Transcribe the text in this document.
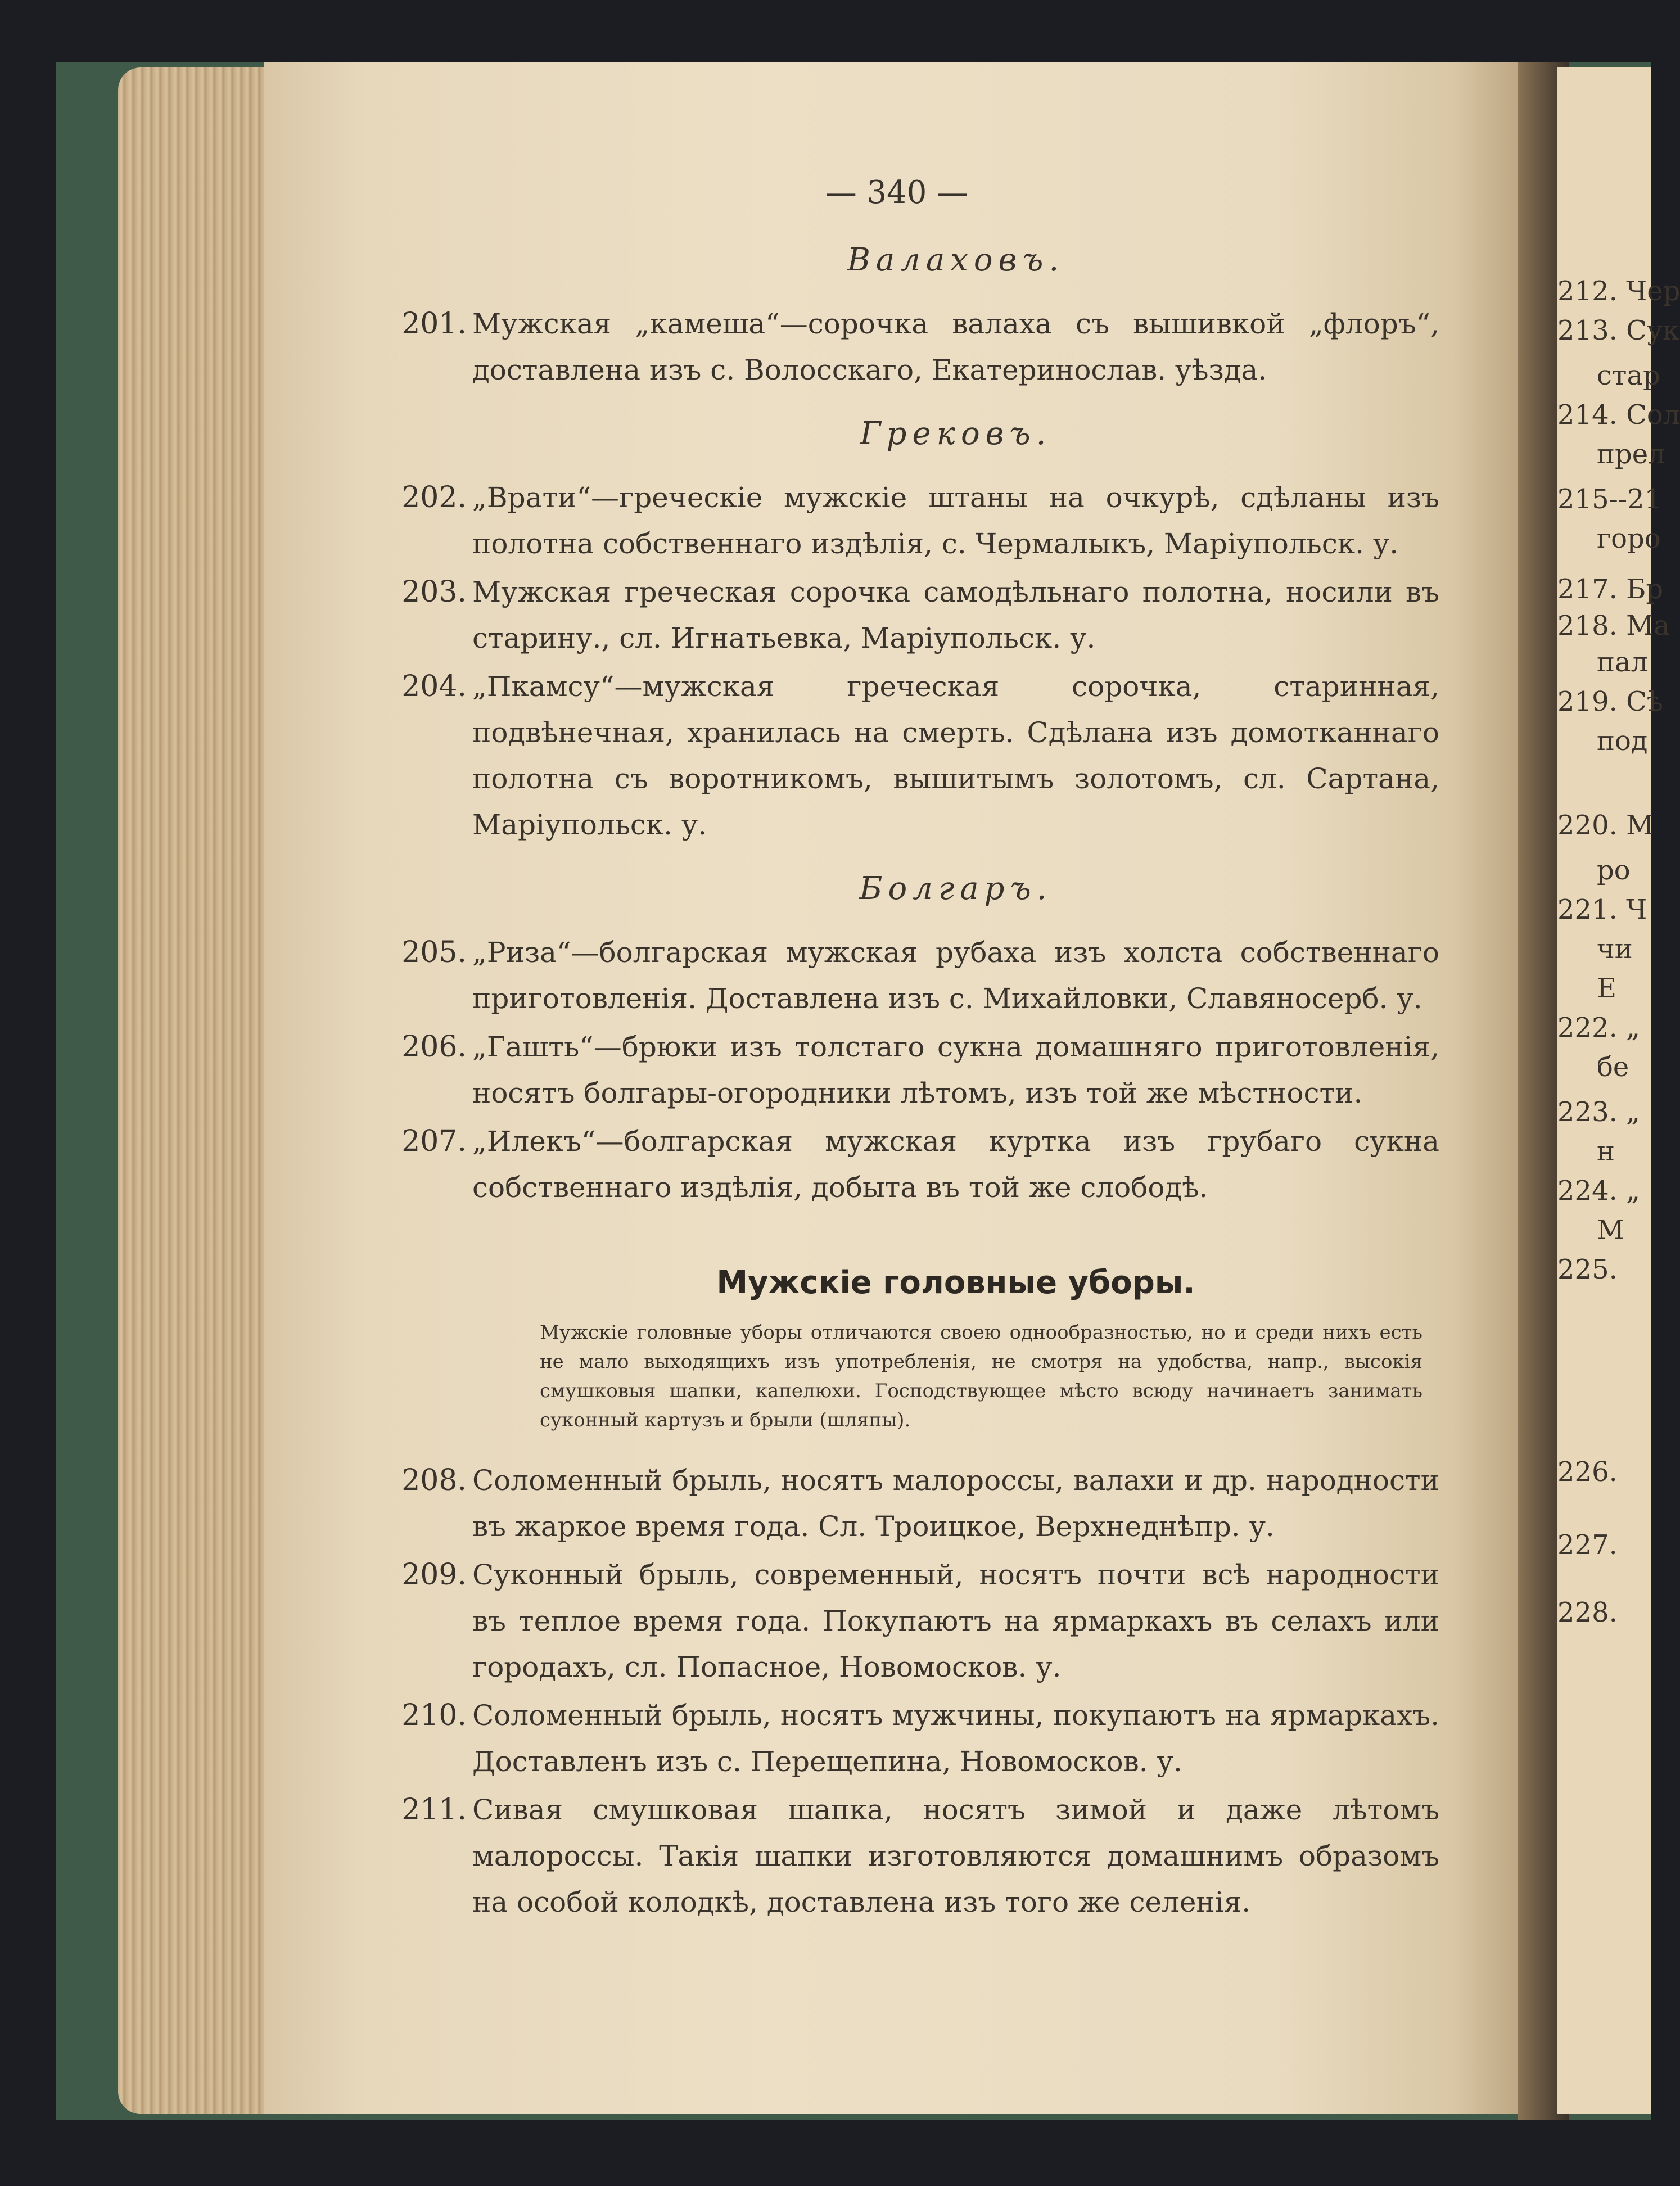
— 340 —
Валаховъ.
201. Мужская „камеша“—сорочка валаха съ вышивкой „флоръ“, доставлена изъ с. Волосскаго, Екатеринослав. уѣзда.
Грековъ.
202. „Врати“—греческіе мужскіе штаны на очкурѣ, сдѣланы изъ полотна собственнаго издѣлія, с. Чермалыкъ, Маріупольск. у.
203. Мужская греческая сорочка самодѣльнаго полотна, носили въ старину., сл. Игнатьевка, Маріупольск. у.
204. „Пкамсу“—мужская греческая сорочка, старинная, подвѣнечная, хранилась на смерть. Сдѣлана изъ домотканнаго полотна съ воротникомъ, вышитымъ золотомъ, сл. Сартана, Маріупольск. у.
Болгаръ.
205. „Риза“—болгарская мужская рубаха изъ холста собственнаго приготовленія. Доставлена изъ с. Михайловки, Славяносерб. у.
206. „Гашть“—брюки изъ толстаго сукна домашняго приготовленія, носятъ болгары-огородники лѣтомъ, изъ той же мѣстности.
207. „Илекъ“—болгарская мужская куртка изъ грубаго сукна собственнаго издѣлія, добыта въ той же слободѣ.
Мужскіе головные уборы.
Мужскіе головные уборы отличаются своею однообразностью, но и среди нихъ есть не мало выходящихъ изъ употребленія, не смотря на удобства, напр., высокія смушковыя шапки, капелюхи. Господствующее мѣсто всюду начинаетъ занимать суконный картузъ и брыли (шляпы).
208. Соломенный брыль, носятъ малороссы, валахи и др. народности въ жаркое время года. Сл. Троицкое, Верхнеднѣпр. у.
209. Суконный брыль, современный, носятъ почти всѣ народности въ теплое время года. Покупаютъ на ярмаркахъ въ селахъ или городахъ, сл. Попасное, Новомосков. у.
210. Соломенный брыль, носятъ мужчины, покупаютъ на ярмаркахъ. Доставленъ изъ с. Перещепина, Новомосков. у.
211. Сивая смушковая шапка, носятъ зимой и даже лѣтомъ малороссы. Такія шапки изготовляются домашнимъ образомъ на особой колодкѣ, доставлена изъ того же селенія.
212. Чер
213. Сук
стар
214. Сол
прел
215--21
горо
217. Бр
218. Ма
пал
219. Сѣ
под
220. М
ро
221. Ч
чи
Е
222. „
бе
223. „
н
224. „
М
225.
226.
227.
228.
